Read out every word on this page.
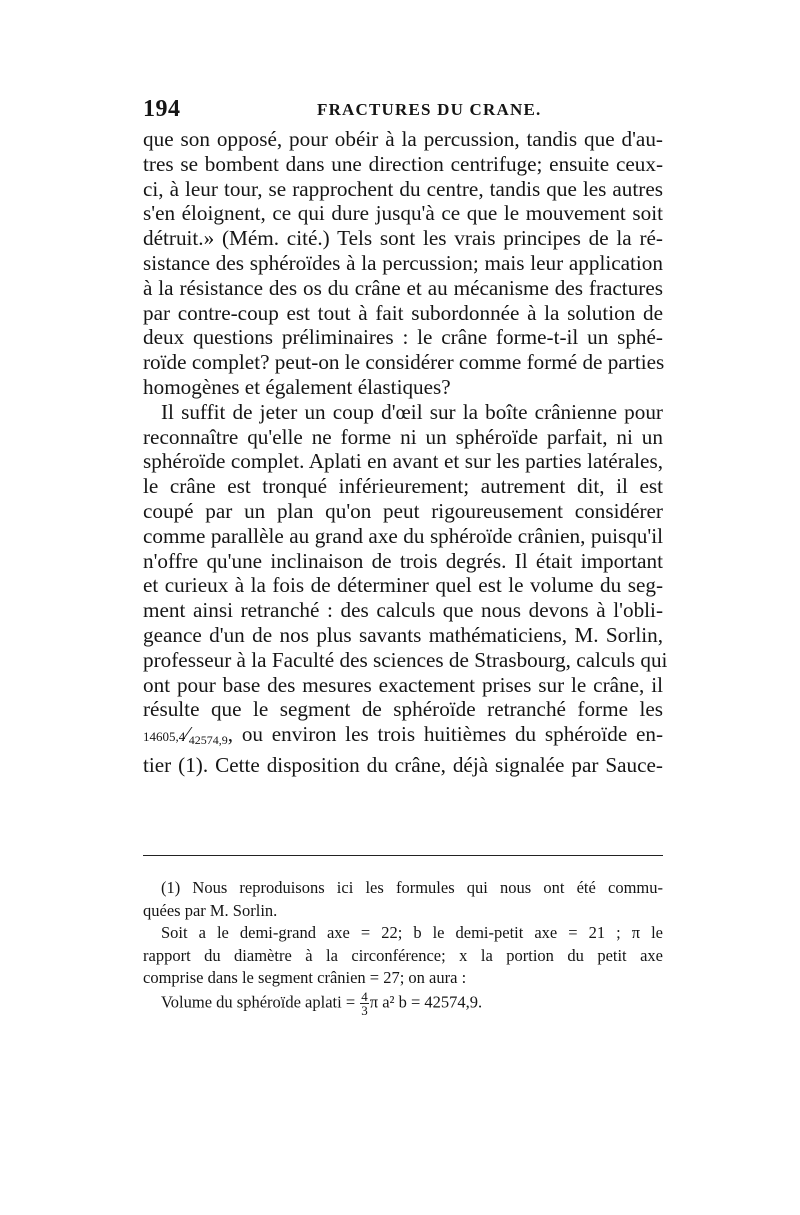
194	FRACTURES DU CRANE.
que son opposé, pour obéir à la percussion, tandis que d'au-
tres se bombent dans une direction centrifuge; ensuite ceux-
ci, à leur tour, se rapprochent du centre, tandis que les autres
s'en éloignent, ce qui dure jusqu'à ce que le mouvement soit
détruit.» (Mém. cité.) Tels sont les vrais principes de la ré-
sistance des sphéroïdes à la percussion; mais leur application
à la résistance des os du crâne et au mécanisme des fractures
par contre-coup est tout à fait subordonnée à la solution de
deux questions préliminaires : le crâne forme-t-il un sphé-
roïde complet? peut-on le considérer comme formé de parties
homogènes et également élastiques?
Il suffit de jeter un coup d'œil sur la boîte crânienne pour
reconnaître qu'elle ne forme ni un sphéroïde parfait, ni un
sphéroïde complet. Aplati en avant et sur les parties latérales,
le crâne est tronqué inférieurement; autrement dit, il est
coupé par un plan qu'on peut rigoureusement considérer
comme parallèle au grand axe du sphéroïde crânien, puisqu'il
n'offre qu'une inclinaison de trois degrés. Il était important
et curieux à la fois de déterminer quel est le volume du seg-
ment ainsi retranché : des calculs que nous devons à l'obli-
geance d'un de nos plus savants mathématiciens, M. Sorlin,
professeur à la Faculté des sciences de Strasbourg, calculs qui
ont pour base des mesures exactement prises sur le crâne, il
résulte que le segment de sphéroïde retranché forme les
$14605,4⁄_{42574,9}$, ou environ les trois huitièmes du sphéroïde en-
tier (1). Cette disposition du crâne, déjà signalée par Sauce-
(1) Nous reproduisons ici les formules qui nous ont été commu-
quées par M. Sorlin.
Soit a le demi-grand axe = 22; b le demi-petit axe = 21 ; π le
rapport du diamètre à la circonférence; x la portion du petit axe
comprise dans le segment crânien = 27; on aura :
Volume du sphéroïde aplati = $\frac{4}{3}$ π a² b = 42574,9.
